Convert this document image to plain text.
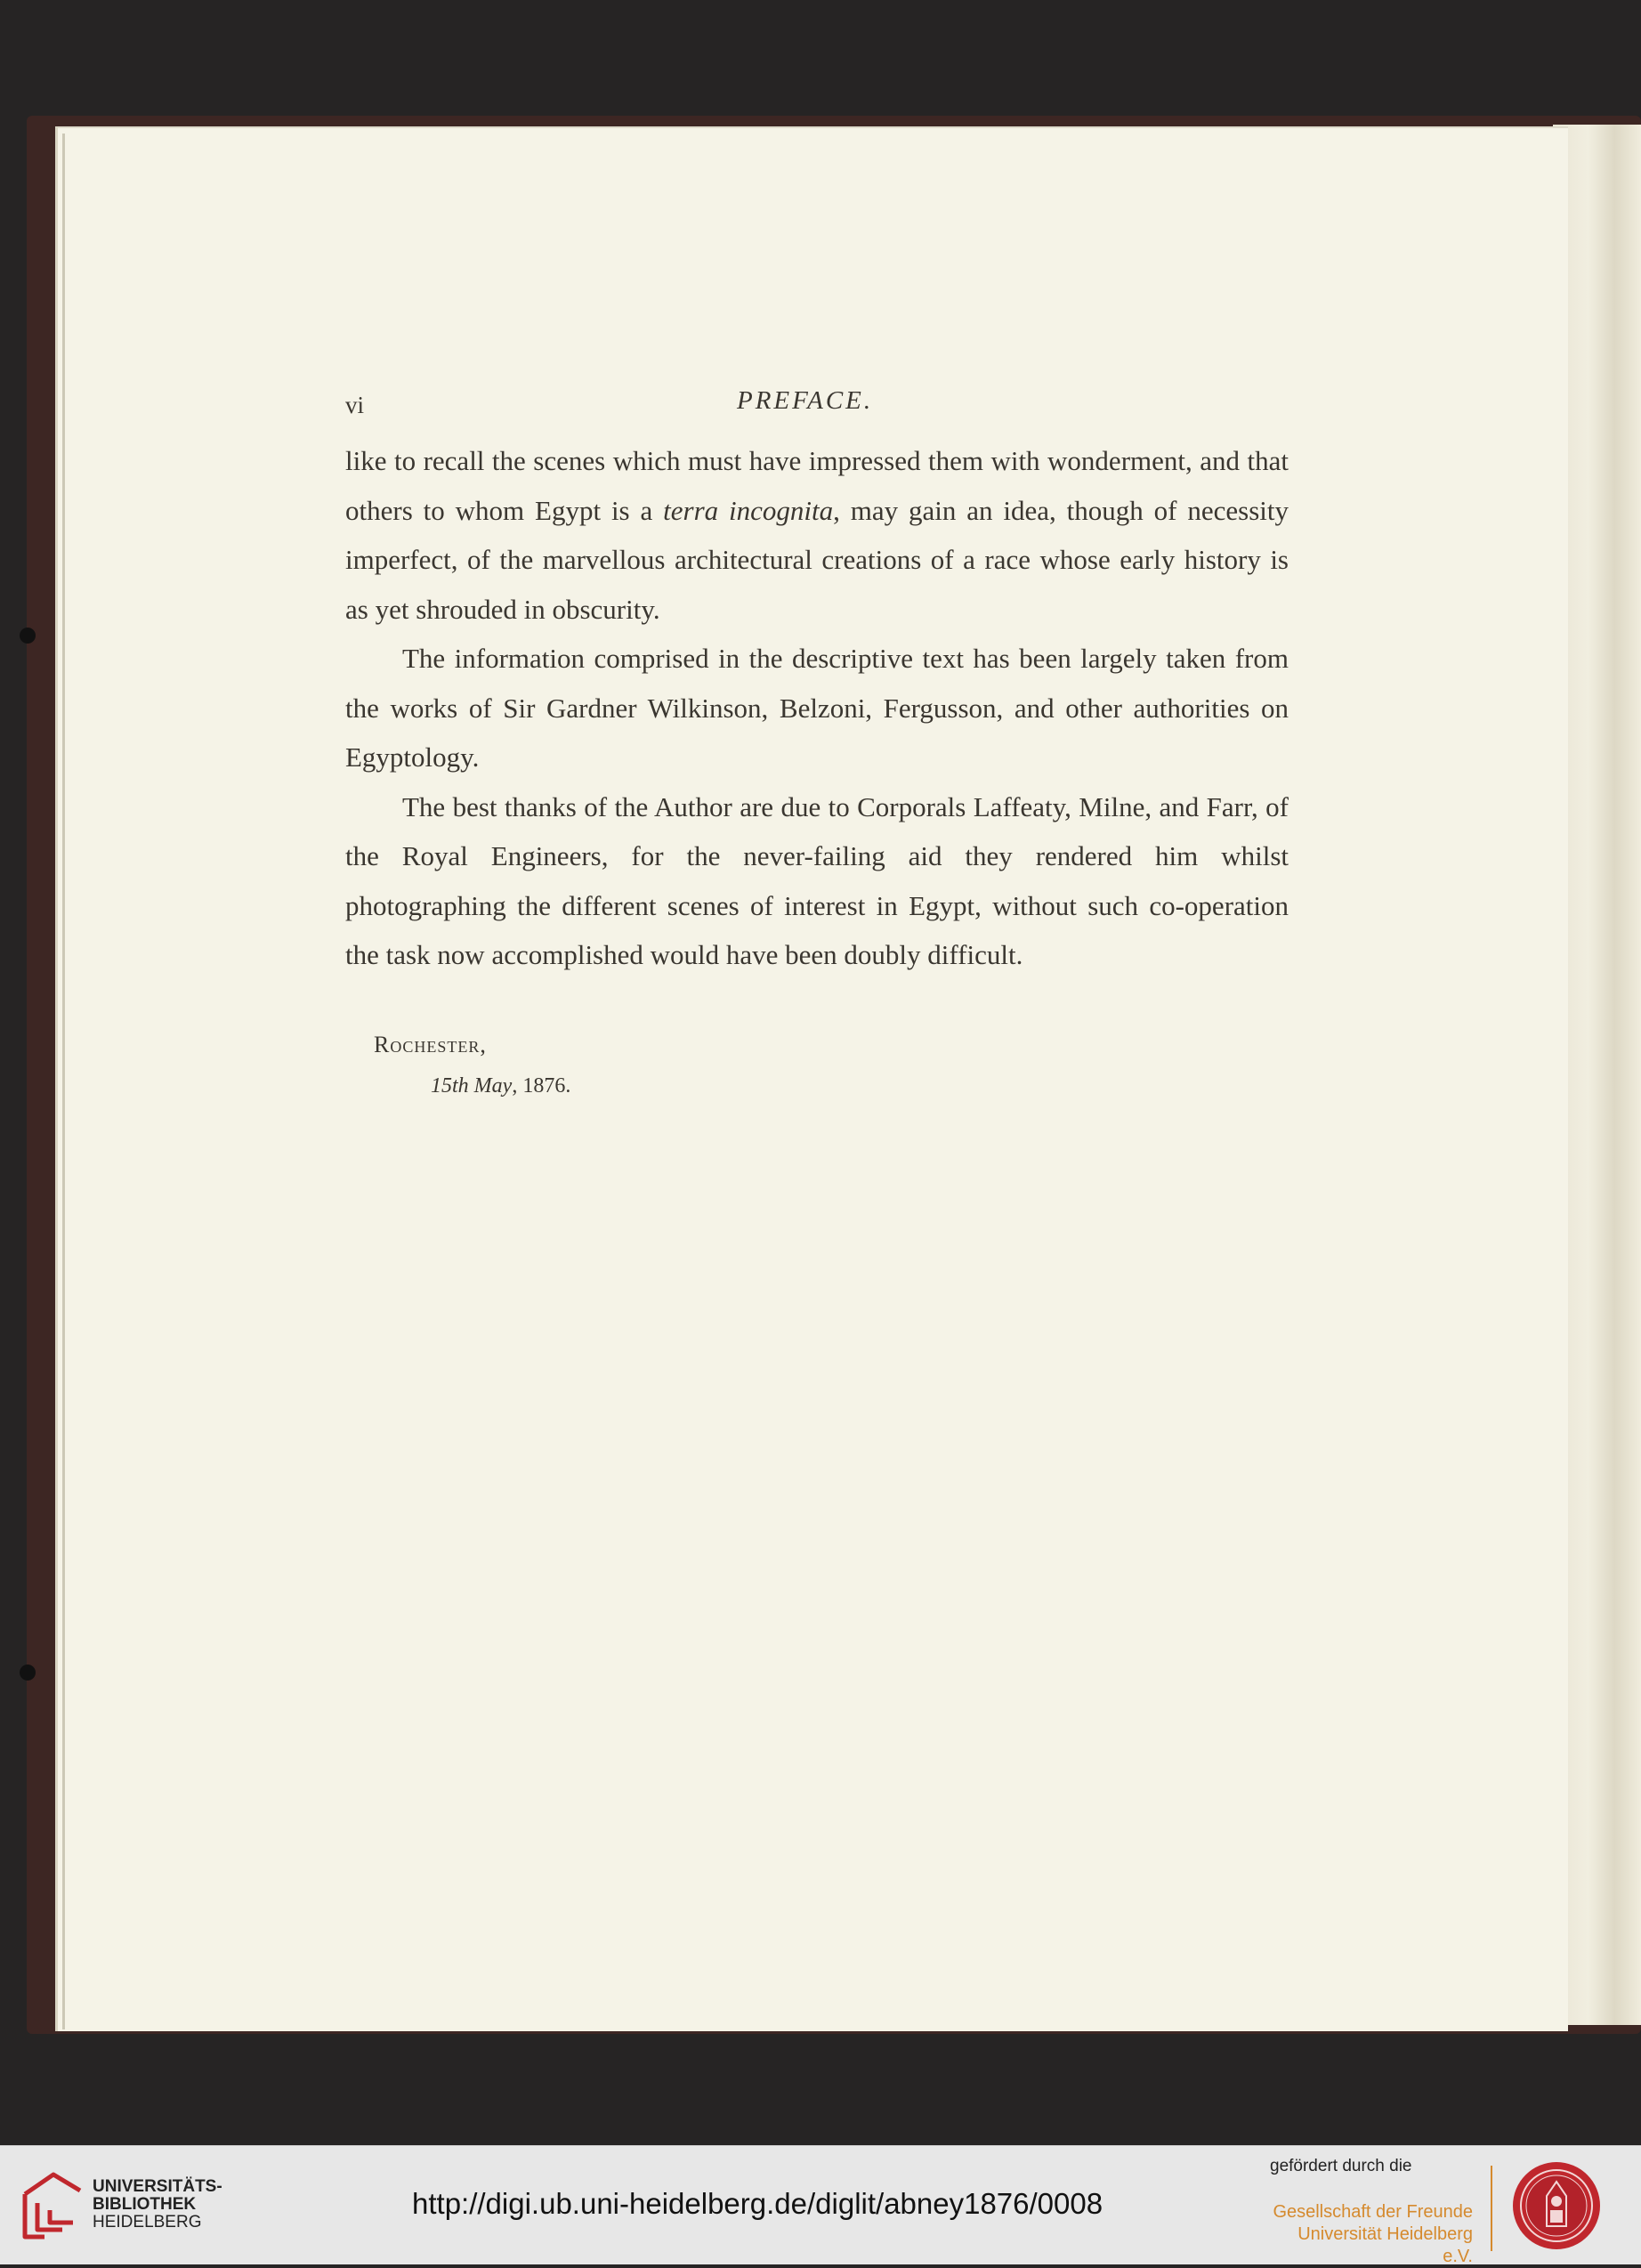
vi	PREFACE.

like to recall the scenes which must have impressed them with wonderment, and that others to whom Egypt is a terra incognita, may gain an idea, though of necessity imperfect, of the marvellous architectural creations of a race whose early history is as yet shrouded in obscurity.

The information comprised in the descriptive text has been largely taken from the works of Sir Gardner Wilkinson, Belzoni, Fergusson, and other authorities on Egyptology.

The best thanks of the Author are due to Corporals Laffeaty, Milne, and Farr, of the Royal Engineers, for the never-failing aid they rendered him whilst photographing the different scenes of interest in Egypt, without such co-operation the task now accomplished would have been doubly difficult.

Rochester,
15th May, 1876.
UNIVERSITÄTS-
BIBLIOTHEK
HEIDELBERG
http://digi.ub.uni-heidelberg.de/diglit/abney1876/0008
gefördert durch die
Gesellschaft der Freunde
Universität Heidelberg e.V.
